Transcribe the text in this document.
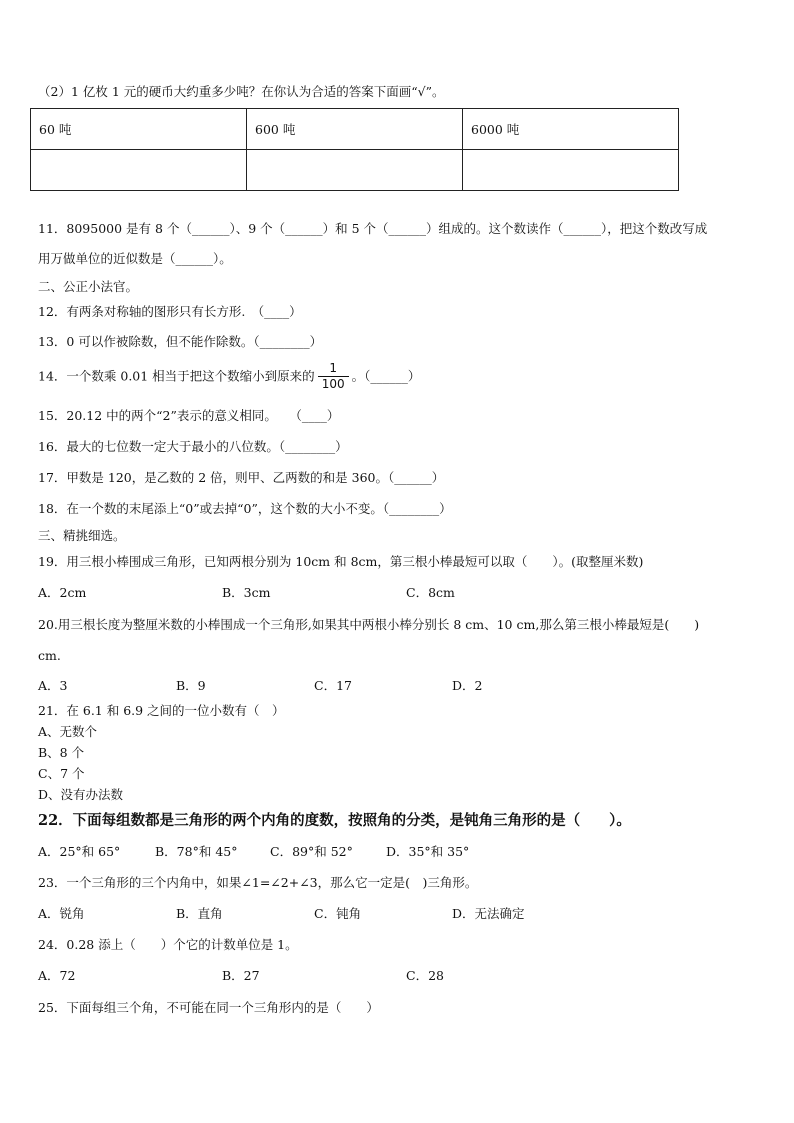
（2）1 亿枚 1 元的硬币大约重多少吨？在你认为合适的答案下面画“√”。
60 吨	600 吨	6000 吨

11．8095000 是有 8 个（______）、9 个（______）和 5 个（______）组成的。这个数读作（______），把这个数改写成
用万做单位的近似数是（______）。
二、公正小法官。
12．有两条对称轴的图形只有长方形.　（____）
13．0 可以作被除数，但不能作除数。（________）
14．一个数乘 0.01 相当于把这个数缩小到原来的 $\frac{1}{100}$ 。（______）
15．20.12 中的两个“2”表示的意义相同。　　（____）
16．最大的七位数一定大于最小的八位数。（________）
17．甲数是 120，是乙数的 2 倍，则甲、乙两数的和是 360。（______）
18．在一个数的末尾添上“0”或去掉“0”，这个数的大小不变。（________）
三、精挑细选。
19．用三根小棒围成三角形，已知两根分别为 10cm 和 8cm，第三根小棒最短可以取（　　）。(取整厘米数)
A．2cm	B．3cm	C．8cm
20.用三根长度为整厘米数的小棒围成一个三角形,如果其中两根小棒分别长 8 cm、10 cm,那么第三根小棒最短是(　　)
cm.
A．3	B．9	C．17	D．2
21．在 6.1 和 6.9 之间的一位小数有（　）
A、无数个
B、8 个
C、7 个
D、没有办法数
22．下面每组数都是三角形的两个内角的度数，按照角的分类，是钝角三角形的是（　　）。
A．25°和 65°	B．78°和 45°	C．89°和 52°	D．35°和 35°
23．一个三角形的三个内角中，如果∠1=∠2+∠3，那么它一定是(　)三角形。
A．锐角	B．直角	C．钝角	D．无法确定
24．0.28 添上（　　）个它的计数单位是 1。
A．72	B．27	C．28
25．下面每组三个角，不可能在同一个三角形内的是（　　）
